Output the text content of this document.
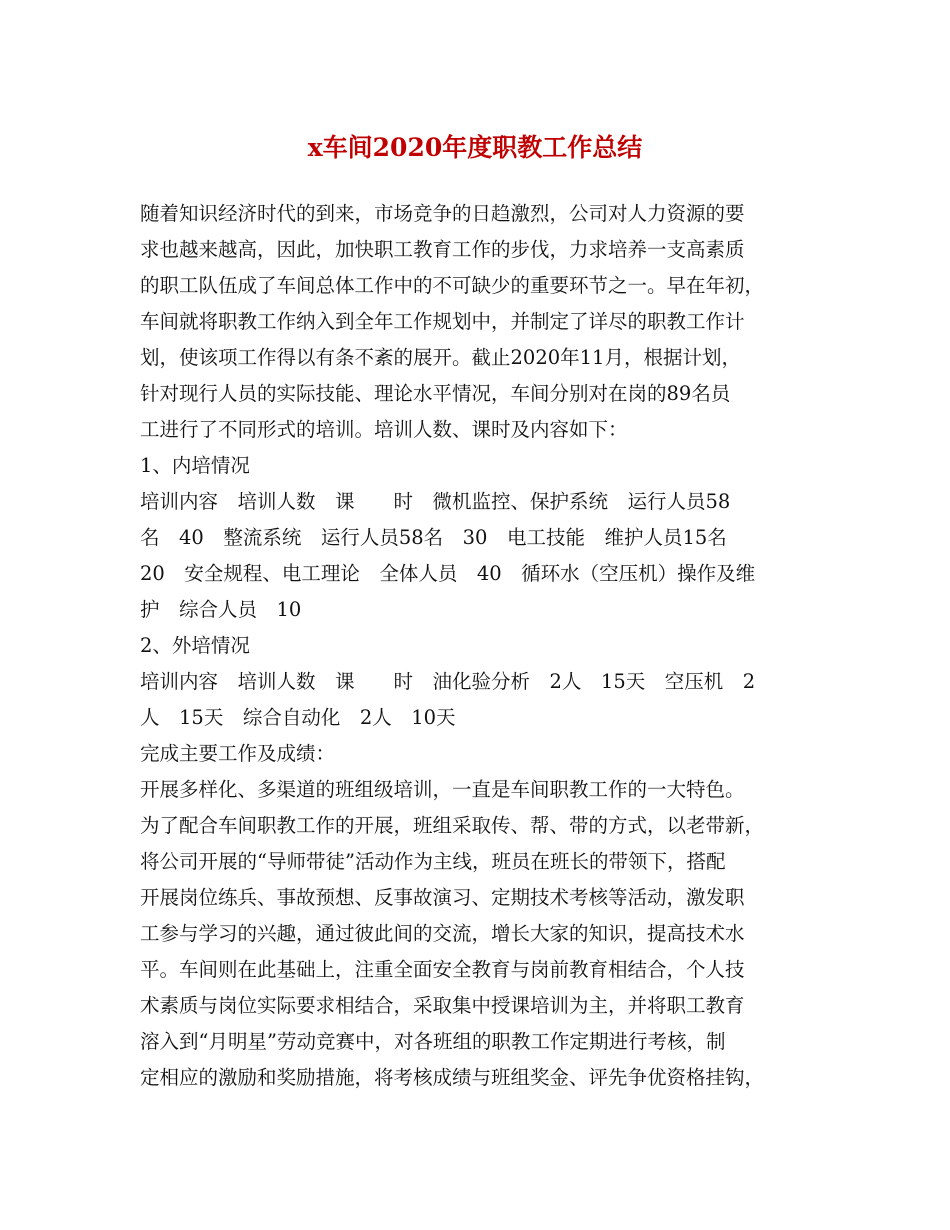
x车间2020年度职教工作总结
随着知识经济时代的到来，市场竞争的日趋激烈，公司对人力资源的要
求也越来越高，因此，加快职工教育工作的步伐，力求培养一支高素质
的职工队伍成了车间总体工作中的不可缺少的重要环节之一。早在年初，
车间就将职教工作纳入到全年工作规划中，并制定了详尽的职教工作计
划，使该项工作得以有条不紊的展开。截止2020年11月，根据计划，
针对现行人员的实际技能、理论水平情况，车间分别对在岗的89名员
工进行了不同形式的培训。培训人数、课时及内容如下：
1、内培情况
培训内容　培训人数　课　　时　微机监控、保护系统　运行人员58
名　40　整流系统　运行人员58名　30　电工技能　维护人员15名
20　安全规程、电工理论　全体人员　40　循环水（空压机）操作及维
护　综合人员　10
2、外培情况
培训内容　培训人数　课　　时　油化验分析　2人　15天　空压机　2
人　15天　综合自动化　2人　10天
完成主要工作及成绩：
开展多样化、多渠道的班组级培训，一直是车间职教工作的一大特色。
为了配合车间职教工作的开展，班组采取传、帮、带的方式，以老带新，
将公司开展的“导师带徒”活动作为主线，班员在班长的带领下，搭配
开展岗位练兵、事故预想、反事故演习、定期技术考核等活动，激发职
工参与学习的兴趣，通过彼此间的交流，增长大家的知识，提高技术水
平。车间则在此基础上，注重全面安全教育与岗前教育相结合，个人技
术素质与岗位实际要求相结合，采取集中授课培训为主，并将职工教育
溶入到“月明星”劳动竞赛中，对各班组的职教工作定期进行考核，制
定相应的激励和奖励措施，将考核成绩与班组奖金、评先争优资格挂钩，
